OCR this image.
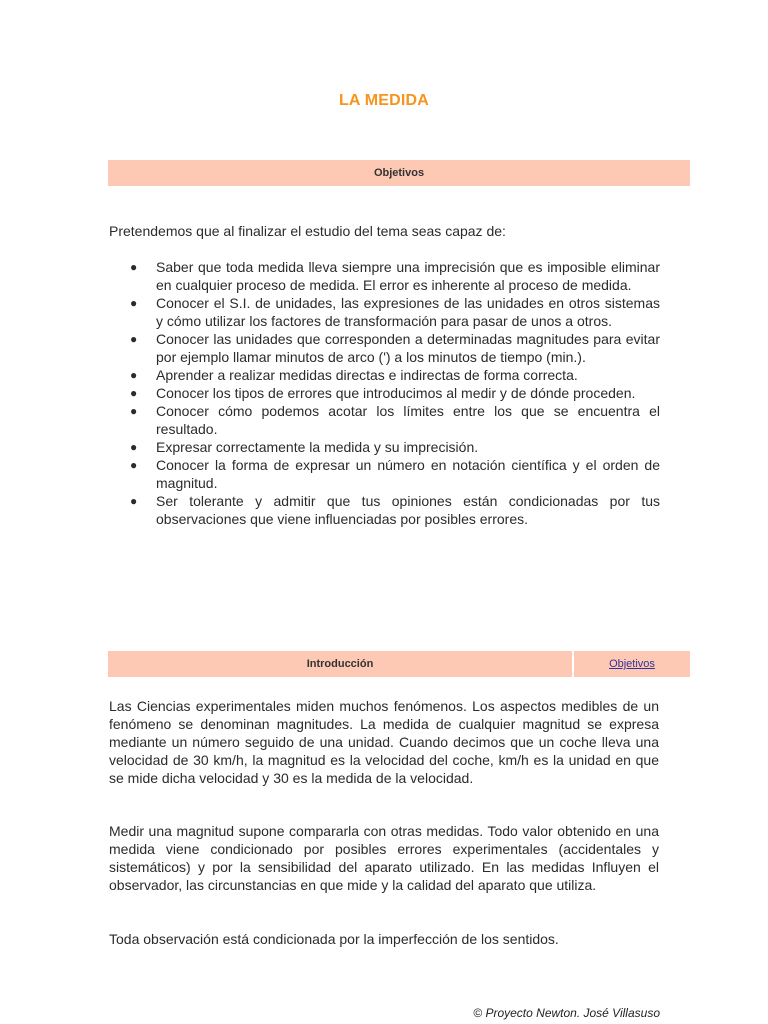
LA MEDIDA
Objetivos
Pretendemos que al finalizar el estudio del tema seas capaz de:
● Saber que toda medida lleva siempre una imprecisión que es imposible eliminar en cualquier proceso de medida. El error es inherente al proceso de medida.
● Conocer el S.I. de unidades, las expresiones de las unidades en otros sistemas y cómo utilizar los factores de transformación para pasar de unos a otros.
● Conocer las unidades que corresponden a determinadas magnitudes para evitar por ejemplo llamar minutos de arco (') a los minutos de tiempo (min.).
● Aprender a realizar medidas directas e indirectas de forma correcta.
● Conocer los tipos de errores que introducimos al medir y de dónde proceden.
● Conocer cómo podemos acotar los límites entre los que se encuentra el resultado.
● Expresar correctamente la medida y su imprecisión.
● Conocer la forma de expresar un número en notación científica y el orden de magnitud.
● Ser tolerante y admitir que tus opiniones están condicionadas por tus observaciones que viene influenciadas por posibles errores.
Introducción	Objetivos
Las Ciencias experimentales miden muchos fenómenos. Los aspectos medibles de un fenómeno se denominan magnitudes. La medida de cualquier magnitud se expresa mediante un número seguido de una unidad. Cuando decimos que un coche lleva una velocidad de 30 km/h, la magnitud es la velocidad del coche, km/h es la unidad en que se mide dicha velocidad y 30 es la medida de la velocidad.
Medir una magnitud supone compararla con otras medidas. Todo valor obtenido en una medida viene condicionado por posibles errores experimentales (accidentales y sistemáticos) y por la sensibilidad del aparato utilizado. En las medidas Influyen el observador, las circunstancias en que mide y la calidad del aparato que utiliza.
Toda observación está condicionada por la imperfección de los sentidos.
© Proyecto Newton. José Villasuso
